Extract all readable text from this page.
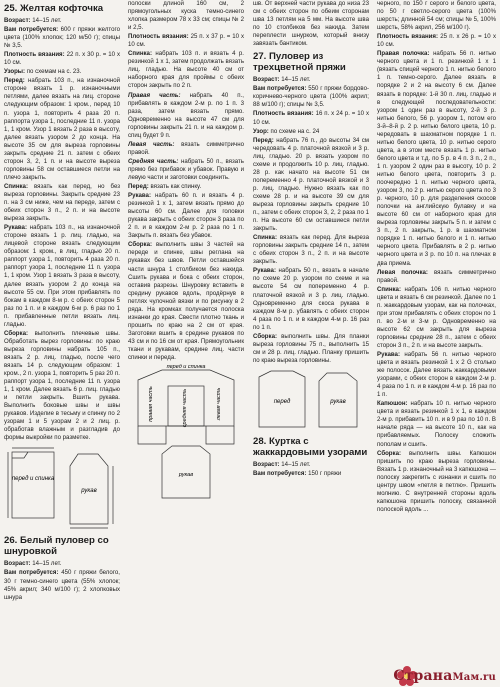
25. Желтая кофточка

Возраст: 14–15 лет.

Вам потребуется: 600 г пряжи желтого цвета (100% хлопок; 120 м/50 г); спицы № 3,5.

Плотность вязания: 22 п. х 30 р. = 10 х 10 см.

Узоры: по схемам на с. 23.

Перед: набрать 103 п., на изнаночной стороне вязать 1 р. изнаночными петлями, далее вязать на лиц. стороне следующим образом: 1 кром., перед 10 п. узора 1, повторить 4 раза 20 п. раппорта узора 1, последние 11 п. узора 1, 1 кром. Узор 1 вязать 2 раза в высоту, далее вязать узором 2 до конца. На высоте 35 см для выреза горловины закрыть средние 21 п. затем с обеих сторон 3, 2, 1 п. и на высоте выреза горловины 58 см оставшиеся петли на плечо закрыть.

Спинка: вязать как перед, но без выреза горловины. Закрыть средние 23 п. на 3 см ниже, чем на переде, затем с обеих сторон 3 п., 2 п. и на высоте выреза закрыть.

Рукава: набрать 103 п., на изнаночной стороне вязать 1 р. лиц. гладью, на лицевой стороне вязать следующим образом: 1 кром., в лиц. гладью 20 п. раппорт узора 1, повторить 4 раза 20 п. раппорт узора 1, последние 11 п. узора 1, 1 кром. Узор 1 вязать 3 раза в высоту, далее вязать узором 2 до конца на высоте 55 см. При этом прибавлять по бокам в каждом 8-м р. с обеих сторон 5 раз по 1 п. и в каждом 6-м р. 6 раз по 1 п. прибавленные петли вязать лиц. гладью.

Сборка: выполнить плечевые швы. Обработать вырез горловины: по краю выреза горловины набрать 105 п., вязать 2 р. лиц. гладью, после чего вязать 14 р. следующим образом: 1 кром., 2 п. узора 1, повторить 5 раз 20 п. раппорт узора 1, последние 11 п. узора 1, 1 кром. Далее вязать 6 р. лиц. гладью и петли закрыть. Вшить рукава. Выполнить боковые швы и швы рукавов. Изделие в тесьму и спинку по 2 узорам 1 и 5 узорам 2 и 2 лиц. р. обработав влажным и разгладив до формы выкройки по разметке.

перед и спинка
рукав
26. Белый пуловер со шнуровкой

Возраст: 14–15 лет.

Вам потребуется: 450 г пряжи белого, 30 г темно-синего цвета (55% хлопок; 45% акрил; 340 м/100 г); 2 хлопковых шнура

полоски длиной 160 см, 2 прямоугольных куска темно-синего хлопка размером 78 х 33 см; спицы № 2 и 2,5.

Плотность вязания: 25 п. х 37 р. = 10 х 10 см.

Спинка: набрать 103 п. и вязать 4 р. резинкой 1 х 1, затем продолжать вязать лиц. гладью. На высоте 40 см от наборного края для проймы с обеих сторон закрыть по 2 п.

Правая часть: набрать 40 п., прибавлять в каждом 2-м р. по 1 п. 3 раза, затем вязать прямо. Одновременно на высоте 47 см для горловины закрыть 21 п. и на каждом р. спиц будет 9 п.

Левая часть: вязать симметрично правой.

Средняя часть: набрать 50 п., вязать прямо без прибавок и убавок. Правую и левую части и заготовки соединить.

Перед: вязать как спинку.

Рукава: набрать 60 п. и вязать 4 р. резинкой 1 х 1, затем вязать прямо до высоты 60 см. Далее для головки рукава закрыть с обеих сторон 3 раза по 2 п. и в каждом 2-м р. 2 раза по 1 п. Закрыть п. вязать без убавок.

Сборка: выполнить швы 3 частей на переде и спинке, швы реглана на рукавах без швов. Петли оставшейся части шнура 1 столбиком без накида. Сшить рукава и бока с обеих сторон, оставив разрезы. Шнуровку вставить в средину рукавов вдоль, продёрнув в петлях чулочной вязки и по рисунку в 2 ряда. На кромках получается полоска изнанки до края. Свести плотно ткань и прошить по краю на 2 см от края. Заготовки вшить в средине рукавов по 43 см и по 16 см от края. Прямоугольник ткани и рукавам, средине лиц. части спинки и переда.

перед и спинка
средняя часть
правая часть	левая часть
рукав

шв. От верхней части рукава до низа 23 см с обеих сторон по обеим сторонам шва 13 петлям на 5 мм. На высоте шва по 10 столбиков без накида. Затем переплести шнурком, который внизу завязать бантиком.

27. Пуловер из трехцветной пряжи

Возраст: 14–15 лет.

Вам потребуется: 550 г пряжи бордово-коричнево-черного цвета (100% акрил; 88 м/100 г); спицы № 3,5.

Плотность вязания: 16 п. х 24 р. = 10 х 10 см.

Узор: по схеме на с. 24

Перед: набрать 76 п., до высоты 34 см чередовать 4 р. платочной вязкой и 3 р. лиц. гладью. 20 р. вязать узором по схеме и продолжить 10 р. лиц. гладью. 28 р. как начато на высоте 51 см попеременно 4 р. платочной вязкой и 3 р. лиц. гладью. Нужно вязать как по схеме 28 р. и на высоте 39 см для выреза горловины закрыть средние 10 п., затем с обеих сторон 3, 2, 2 раза по 1 п. На высоте 60 см оставшиеся петли закрыть.

Спинка: вязать как перед. Для выреза горловины закрыть средние 14 п., затем с обеих сторон 3 п., 2 п. и на высоте закрыть.

Рукава: набрать 50 п., вязать в начале по схеме 20 р. узором по схеме и на высоте 54 см попеременно 4 р. платочной вязкой и 3 р. лиц. гладью. Одновременно для скоса рукава в каждом 8-м р. убавлять с обеих сторон 4 раза по 1 п. и в каждом 4-м р. 16 раз по 1 п.

Сборка: выполнить швы. Для планки выреза горловины 75 п., выполнить 15 см и 28 р. лиц. гладью. Планку пришить по краю выреза горловины.

перед	рукав
28. Куртка с жаккардовыми узорами

Возраст: 14–15 лет.

Вам потребуется: 150 г пряжи

черного, по 150 г серого и белого цвета, по 50 г светло-серого цвета (100% шерсть; длинной 54 см; спицы № 5, 100% шерсть, 58% акрил, 256 м/100 г).

Плотность вязания: 25 п. х 26 р. = 10 х 10 см.

Правая полочка: набрать 56 п. нитью черного цвета и 1 п. резинкой 1 х 1 (вязать спицей черного 1 п. нитью белого 1 п. темно-серого. Далее вязать в порядке 2 и 2 на высоту 6 см. Далее вязать в порядке: 1-й 30 п. лиц. гладью и в следующей последовательности: узором 1 один раз в высоту, 2-й 3 р. нитью белого, 56 р. узором 1, потом его 3-й–8-й р. 2 р. нитью белого цвета, 10 р. чередовать в шахматном порядке 1 п. нитью белого цвета, 10 р. нитью серого цвета, а в этом месте вязать 1 р. нитью белого цвета и т.д. по 5 р. в 4 п. 3 п., 2 п., 1 п. узором 2 один раз в высоту, 10 р. 2 нитью белого цвета, повторить 3 р. поочередно 1 п. нитью черного цвета, узором 3, по 2 р. нитью серого цвета по 3 р. черного, 10 р. для разделения скосов полочки на английскую булавку и на высоте 60 см от наборного края для выреза горловины закрыть 5 п. и затем с 3 п., 2 п. закрыть, 1 р. в шахматном порядке 1 п. нитью белого и 1 п. нитью черного цвета. Прибавлять в 2 р. нитью черного цвета и 3 р. по 10 п. на плечах в два приема.

Левая полочка: вязать симметрично правой.

Спинка: набрать 106 п. нитью черного цвета и вязать 6 см резинкой. Далее по 1 п. жаккардовым узорам, как на полочках, при этом прибавлять с обеих сторон по 1 п. во 2-м и 3-м р. Одновременно на высоте 62 см закрыть для выреза горловины средние 28 п., затем с обеих сторон 3 п., 2 п. и на высоте закрыть.

Рукава: набрать 56 п. нитью черного цвета и вязать резинкой 1 х 2 G столько же полосок. Далее вязать жаккардовыми узорами, с обеих сторон в каждом 2-м р. 4 раза по 1 п. и в каждом 4-м р. 16 раз по 1 п.

Капюшон: набрать 10 п. нитью черного цвета и вязать резинкой 1 х 1, в каждом 2-м р. прибавить 10 п. и в 9 раз по 10 п. В начале ряда — на высоте 10 п., как на прибавляемых. Полоску сложить пополам и сшить.

Сборка: выполнить швы. Капюшон пришить по краю выреза горловины. Вязать 1 р. изнаночный на 3 капюшона — полоску закрепить с изнанки и сшить по центру швом «петля в петлю». Пришить молнию. С внутренней стороны вдоль капюшона пришить полоску, связанной полоской вдоль ...

СтранаМам.ru
